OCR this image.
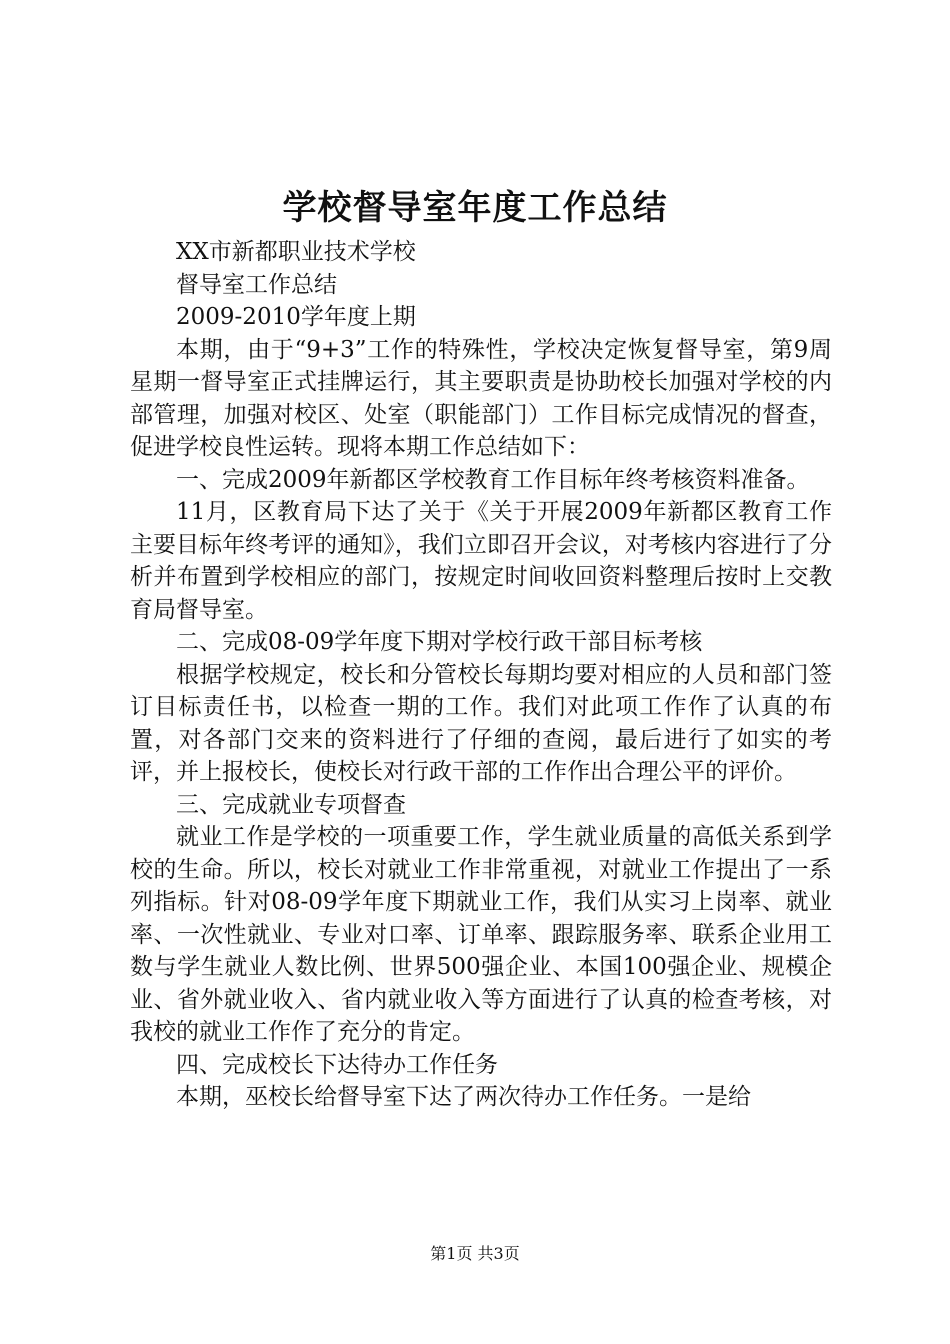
学校督导室年度工作总结

XX市新都职业技术学校

督导室工作总结

2009-2010学年度上期

本期，由于“9+3”工作的特殊性，学校决定恢复督导室，第9周星期一督导室正式挂牌运行，其主要职责是协助校长加强对学校的内部管理，加强对校区、处室（职能部门）工作目标完成情况的督查，促进学校良性运转。现将本期工作总结如下：

一、完成2009年新都区学校教育工作目标年终考核资料准备。

11月，区教育局下达了关于《关于开展2009年新都区教育工作主要目标年终考评的通知》，我们立即召开会议，对考核内容进行了分析并布置到学校相应的部门，按规定时间收回资料整理后按时上交教育局督导室。

二、完成08-09学年度下期对学校行政干部目标考核

根据学校规定，校长和分管校长每期均要对相应的人员和部门签订目标责任书，以检查一期的工作。我们对此项工作作了认真的布置，对各部门交来的资料进行了仔细的查阅，最后进行了如实的考评，并上报校长，使校长对行政干部的工作作出合理公平的评价。

三、完成就业专项督查

就业工作是学校的一项重要工作，学生就业质量的高低关系到学校的生命。所以，校长对就业工作非常重视，对就业工作提出了一系列指标。针对08-09学年度下期就业工作，我们从实习上岗率、就业率、一次性就业、专业对口率、订单率、跟踪服务率、联系企业用工数与学生就业人数比例、世界500强企业、本国100强企业、规模企业、省外就业收入、省内就业收入等方面进行了认真的检查考核，对我校的就业工作作了充分的肯定。

四、完成校长下达待办工作任务

本期，巫校长给督导室下达了两次待办工作任务。一是给

第1页 共3页
